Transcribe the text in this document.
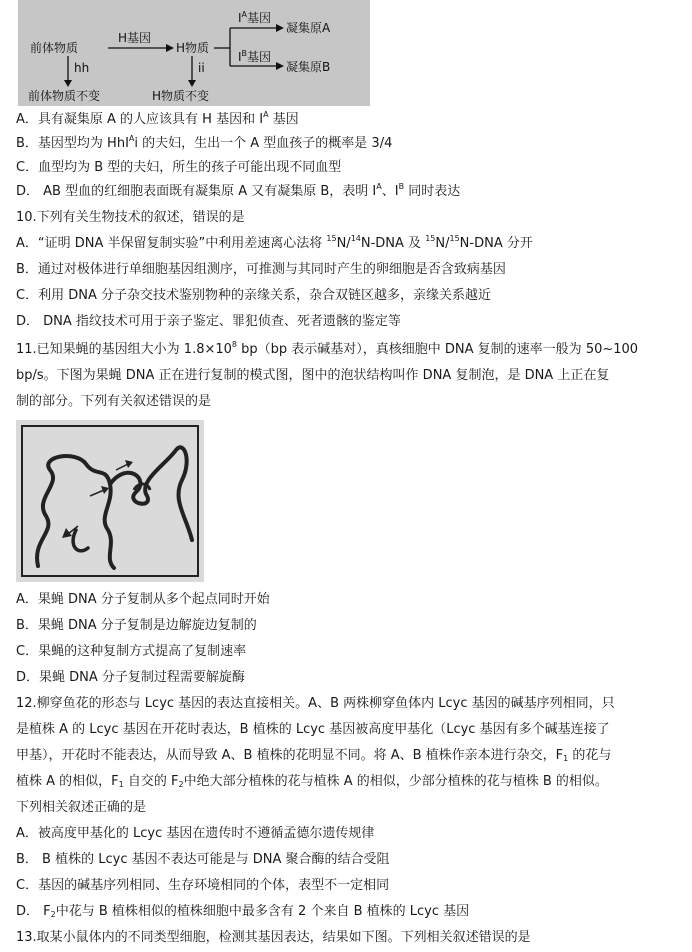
$I^A$基因
凝集原A
$I^B$基因
凝集原B
前体物质
H基因
H物质
hh	ii
前体物质不变	H物质不变
A．具有凝集原 A 的人应该具有 H 基因和 $I^A$ 基因
B．基因型均为 HhI$^A$i 的夫妇，生出一个 A 型血孩子的概率是 3/4
C．血型均为 B 型的夫妇，所生的孩子可能出现不同血型
D． AB 型血的红细胞表面既有凝集原 A 又有凝集原 B，表明 $I^A$、$I^B$ 同时表达
10.下列有关生物技术的叙述，错误的是
A．“证明 DNA 半保留复制实验”中利用差速离心法将 $^{15}$N/$^{14}$N-DNA 及 $^{15}$N/$^{15}$N-DNA 分开
B．通过对极体进行单细胞基因组测序，可推测与其同时产生的卵细胞是否含致病基因
C．利用 DNA 分子杂交技术鉴别物种的亲缘关系，杂合双链区越多，亲缘关系越近
D． DNA 指纹技术可用于亲子鉴定、罪犯侦查、死者遗骸的鉴定等
11.已知果蝇的基因组大小为 $1.8\times 10^8$ bp（bp 表示碱基对），真核细胞中 DNA 复制的速率一般为 50~100
bp/s。下图为果蝇 DNA 正在进行复制的模式图，图中的泡状结构叫作 DNA 复制泡，是 DNA 上正在复
制的部分。下列有关叙述错误的是
A．果蝇 DNA 分子复制从多个起点同时开始
B．果蝇 DNA 分子复制是边解旋边复制的
C．果蝇的这种复制方式提高了复制速率
D．果蝇 DNA 分子复制过程需要解旋酶
12.柳穿鱼花的形态与 Lcyc 基因的表达直接相关。A、B 两株柳穿鱼体内 Lcyc 基因的碱基序列相同，只
是植株 A 的 Lcyc 基因在开花时表达，B 植株的 Lcyc 基因被高度甲基化（Lcyc 基因有多个碱基连接了
甲基），开花时不能表达，从而导致 A、B 植株的花明显不同。将 A、B 植株作亲本进行杂交，$F_1$ 的花与
植株 A 的相似，$F_1$ 自交的 $F_2$中绝大部分植株的花与植株 A 的相似，少部分植株的花与植株 B 的相似。
下列相关叙述正确的是
A．被高度甲基化的 Lcyc 基因在遗传时不遵循孟德尔遗传规律
B． B 植株的 Lcyc 基因不表达可能是与 DNA 聚合酶的结合受阻
C．基因的碱基序列相同、生存环境相同的个体，表型不一定相同
D． $F_2$中花与 B 植株相似的植株细胞中最多含有 2 个来自 B 植株的 Lcyc 基因
13.取某小鼠体内的不同类型细胞，检测其基因表达，结果如下图。下列相关叙述错误的是
